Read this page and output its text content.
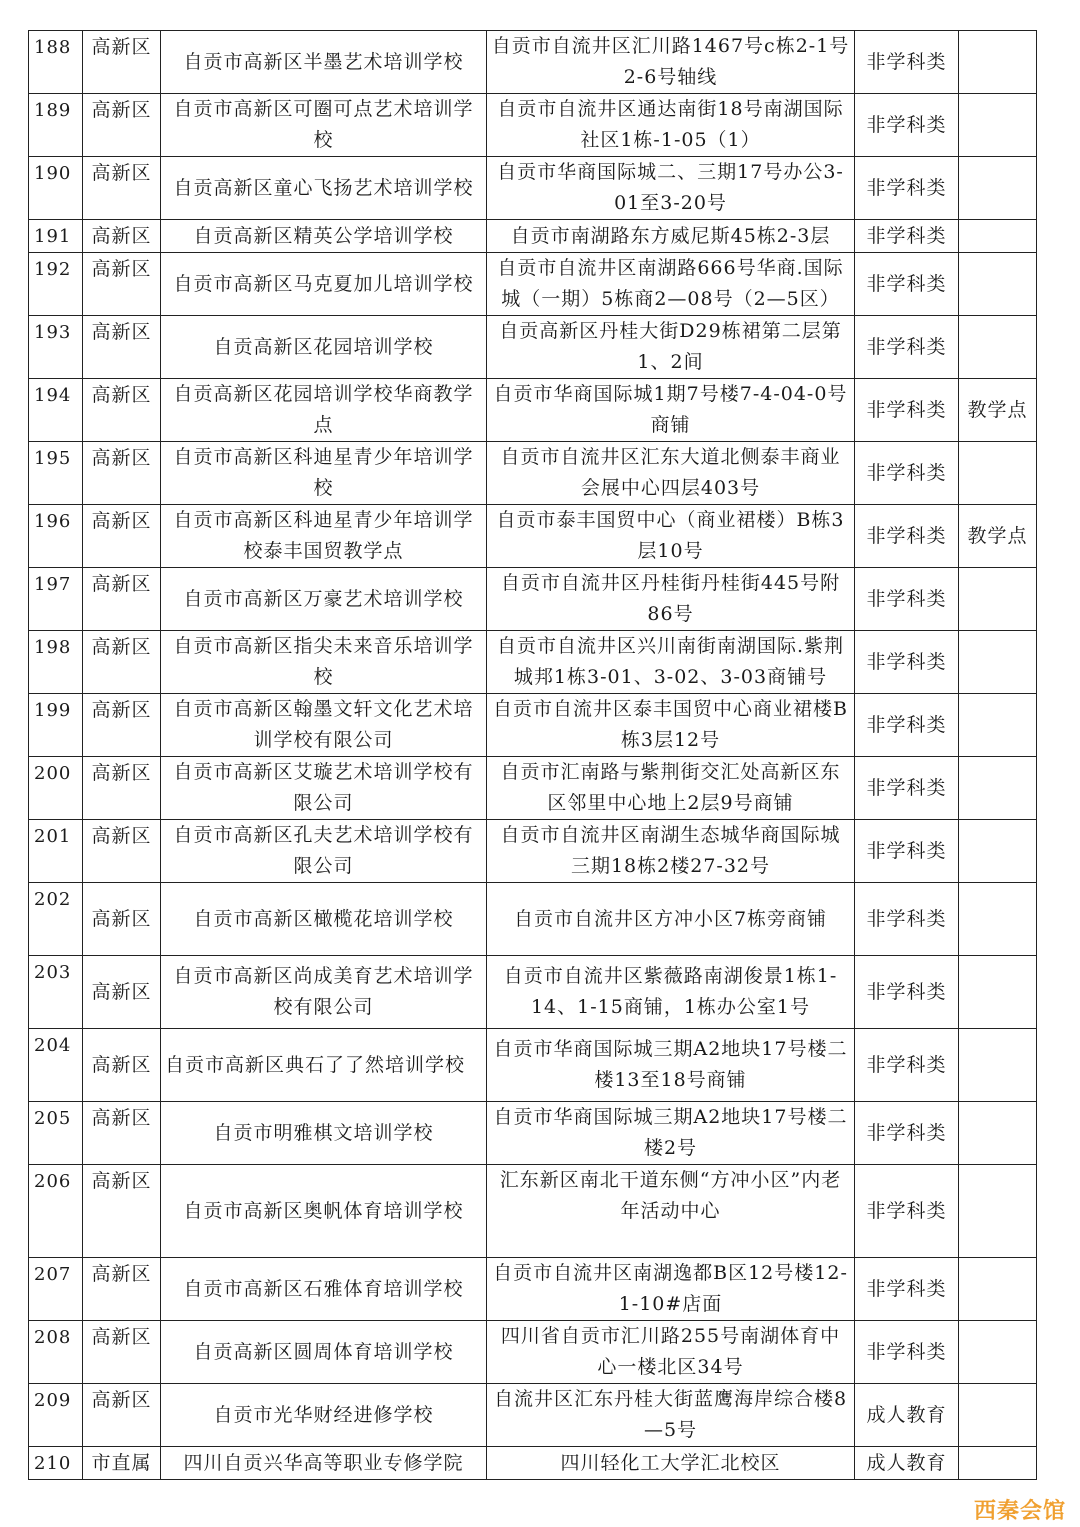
188	高新区	自贡市高新区半墨艺术培训学校	自贡市自流井区汇川路1467号c栋2-1号2-6号轴线	非学科类	
189	高新区	自贡市高新区可圈可点艺术培训学校	自贡市自流井区通达南街18号南湖国际社区1栋-1-05（1）	非学科类	
190	高新区	自贡高新区童心飞扬艺术培训学校	自贡市华商国际城二、三期17号办公3-01至3-20号	非学科类	
191	高新区	自贡高新区精英公学培训学校	自贡市南湖路东方威尼斯45栋2-3层	非学科类	
192	高新区	自贡市高新区马克夏加儿培训学校	自贡市自流井区南湖路666号华商.国际城（一期）5栋商2—08号（2—5区）	非学科类	
193	高新区	自贡高新区花园培训学校	自贡高新区丹桂大街D29栋裙第二层第1、2间	非学科类	
194	高新区	自贡高新区花园培训学校华商教学点	自贡市华商国际城1期7号楼7-4-04-0号商铺	非学科类	教学点
195	高新区	自贡市高新区科迪星青少年培训学校	自贡市自流井区汇东大道北侧泰丰商业会展中心四层403号	非学科类	
196	高新区	自贡市高新区科迪星青少年培训学校泰丰国贸教学点	自贡市泰丰国贸中心（商业裙楼）B栋3层10号	非学科类	教学点
197	高新区	自贡市高新区万豪艺术培训学校	自贡市自流井区丹桂街丹桂街445号附86号	非学科类	
198	高新区	自贡市高新区指尖未来音乐培训学校	自贡市自流井区兴川南街南湖国际.紫荆城邦1栋3-01、3-02、3-03商铺号	非学科类	
199	高新区	自贡市高新区翰墨文轩文化艺术培训学校有限公司	自贡市自流井区泰丰国贸中心商业裙楼B栋3层12号	非学科类	
200	高新区	自贡市高新区艾璇艺术培训学校有限公司	自贡市汇南路与紫荆街交汇处高新区东区邻里中心地上2层9号商铺	非学科类	
201	高新区	自贡市高新区孔夫艺术培训学校有限公司	自贡市自流井区南湖生态城华商国际城三期18栋2楼27-32号	非学科类	
202	高新区	自贡市高新区橄榄花培训学校	自贡市自流井区方冲小区7栋旁商铺	非学科类	
203	高新区	自贡市高新区尚成美育艺术培训学校有限公司	自贡市自流井区紫薇路南湖俊景1栋1-14、1-15商铺，1栋办公室1号	非学科类	
204	高新区	自贡市高新区典石了了然培训学校	自贡市华商国际城三期A2地块17号楼二楼13至18号商铺	非学科类	
205	高新区	自贡市明雅棋文培训学校	自贡市华商国际城三期A2地块17号楼二楼2号	非学科类	
206	高新区	自贡市高新区奥帆体育培训学校	汇东新区南北干道东侧“方冲小区”内老年活动中心	非学科类	
207	高新区	自贡市高新区石雅体育培训学校	自贡市自流井区南湖逸都B区12号楼12-1-10#店面	非学科类	
208	高新区	自贡高新区圆周体育培训学校	四川省自贡市汇川路255号南湖体育中心一楼北区34号	非学科类	
209	高新区	自贡市光华财经进修学校	自流井区汇东丹桂大街蓝鹰海岸综合楼8—5号	成人教育	
210	市直属	四川自贡兴华高等职业专修学院	四川轻化工大学汇北校区	成人教育	
西秦会馆
